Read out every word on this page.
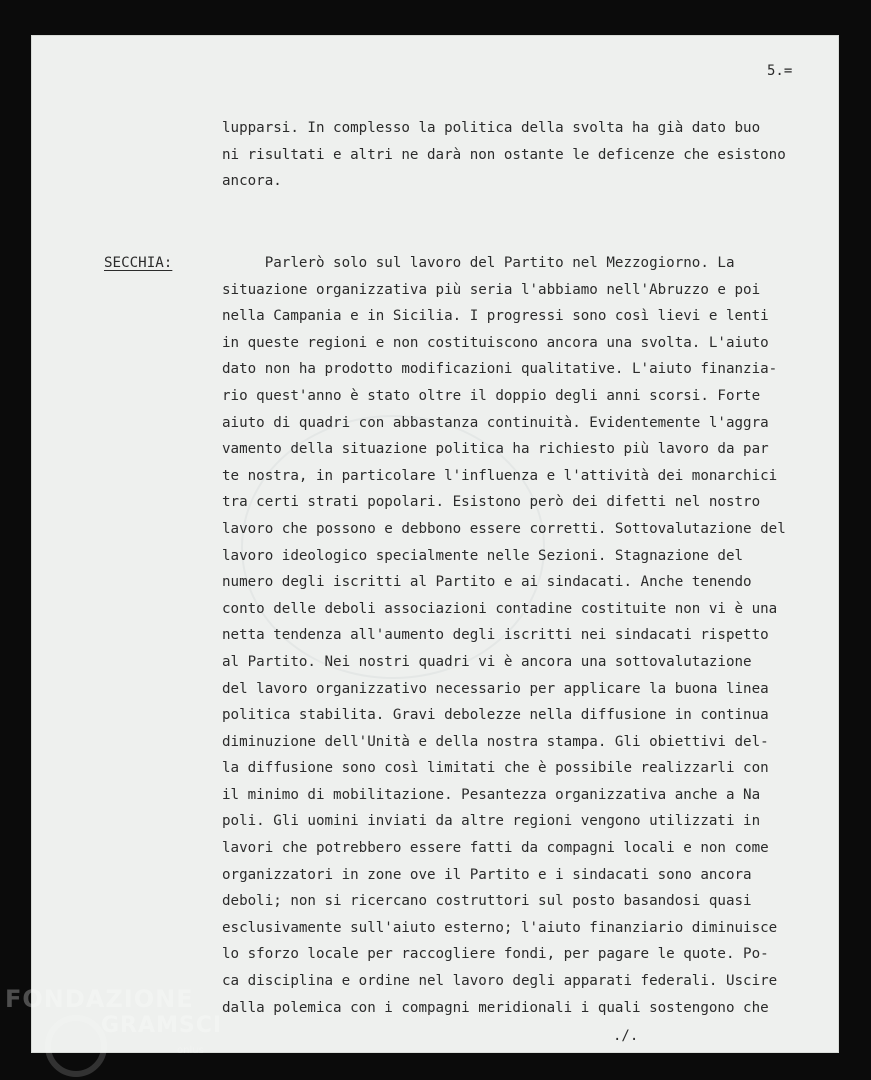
5.=
lupparsi. In complesso la politica della svolta ha già dato buo
ni risultati e altri ne darà non ostante le deficenze che esistono
ancora.
SECCHIA:	Parlerò solo sul lavoro del Partito nel Mezzogiorno. La
situazione organizzativa più seria l'abbiamo nell'Abruzzo e poi
nella Campania e in Sicilia. I progressi sono così lievi e lenti
in queste regioni e non costituiscono ancora una svolta. L'aiuto
dato non ha prodotto modificazioni qualitative. L'aiuto finanzia-
rio quest'anno è stato oltre il doppio degli anni scorsi. Forte
aiuto di quadri con abbastanza continuità. Evidentemente l'aggra
vamento della situazione politica ha richiesto più lavoro da par
te nostra, in particolare l'influenza e l'attività dei monarchici
tra certi strati popolari. Esistono però dei difetti nel nostro
lavoro che possono e debbono essere corretti. Sottovalutazione del
lavoro ideologico specialmente nelle Sezioni. Stagnazione del
numero degli iscritti al Partito e ai sindacati. Anche tenendo
conto delle deboli associazioni contadine costituite non vi è una
netta tendenza all'aumento degli iscritti nei sindacati rispetto
al Partito. Nei nostri quadri vi è ancora una sottovalutazione
del lavoro organizzativo necessario per applicare la buona linea
politica stabilita. Gravi debolezze nella diffusione in continua
diminuzione dell'Unità e della nostra stampa. Gli obiettivi del-
la diffusione sono così limitati che è possibile realizzarli con
il minimo di mobilitazione. Pesantezza organizzativa anche a Na
poli. Gli uomini inviati da altre regioni vengono utilizzati in
lavori che potrebbero essere fatti da compagni locali e non come
organizzatori in zone ove il Partito e i sindacati sono ancora
deboli; non si ricercano costruttori sul posto basandosi quasi
esclusivamente sull'aiuto esterno; l'aiuto finanziario diminuisce
lo sforzo locale per raccogliere fondi, per pagare le quote. Po-
ca disciplina e ordine nel lavoro degli apparati federali. Uscire
dalla polemica con i compagni meridionali i quali sostengono che
./.
FONDAZIONE
GRAMSCI
onlus
